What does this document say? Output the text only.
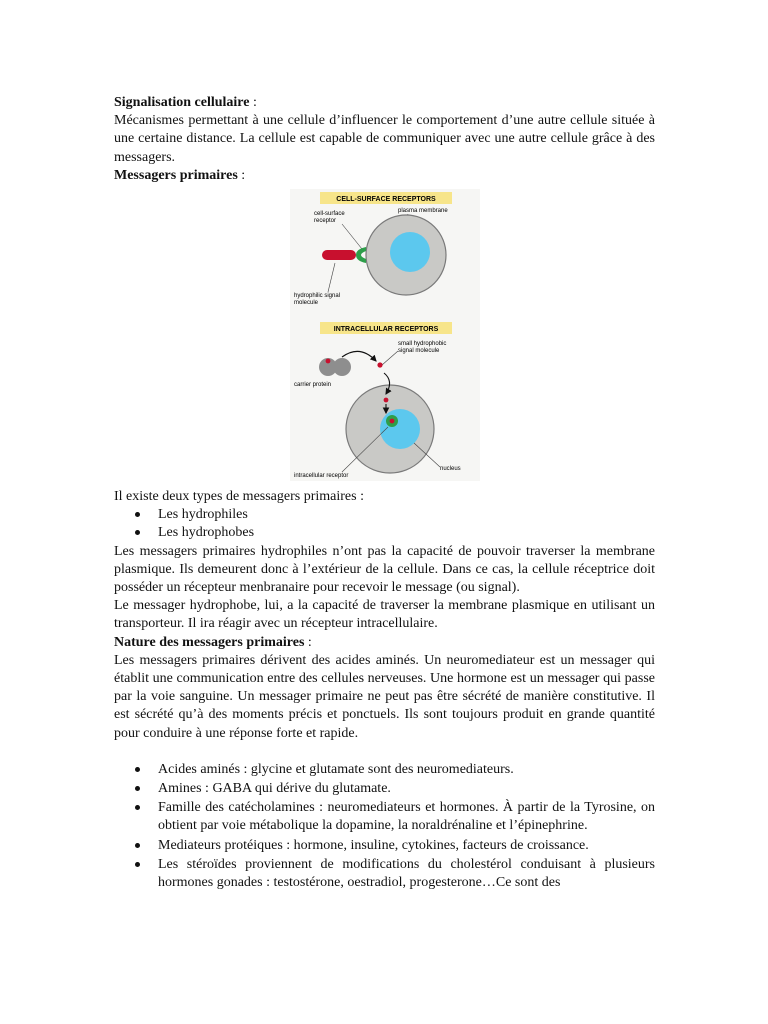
Signalisation cellulaire :

Mécanismes permettant à une cellule d’influencer le comportement d’une autre cellule située à une certaine distance. La cellule est capable de communiquer avec une autre cellule grâce à des messagers.

Messagers primaires :
CELL-SURFACE RECEPTORS
cell-surface
receptor
plasma membrane
hydrophilic signal
molecule
INTRACELLULAR RECEPTORS
small hydrophobic
signal molecule
carrier protein
intracellular receptor
nucleus

Il existe deux types de messagers primaires :

Les hydrophiles
Les hydrophobes

Les messagers primaires hydrophiles n’ont pas la capacité de pouvoir traverser la membrane plasmique. Ils demeurent donc à l’extérieur de la cellule. Dans ce cas, la cellule réceptrice doit posséder un récepteur menbranaire pour recevoir le message (ou signal).

Le messager hydrophobe, lui, a la capacité de traverser la membrane plasmique en utilisant un transporteur. Il ira réagir avec un récepteur intracellulaire.

Nature des messagers primaires :

Les messagers primaires dérivent des acides aminés. Un neuromediateur est un messager qui établit une communication entre des cellules nerveuses. Une hormone est un messager qui passe par la voie sanguine. Un messager primaire ne peut pas être sécrété de manière constitutive. Il est sécrété qu’à des moments précis et ponctuels. Ils sont toujours produit en grande quantité pour conduire à une réponse forte et rapide.

Acides aminés : glycine et glutamate sont des neuromediateurs.
Amines : GABA qui dérive du glutamate.
Famille des catécholamines : neuromediateurs et hormones. À partir de la Tyrosine, on obtient par voie métabolique la dopamine, la noraldrénaline et l’épinephrine.
Mediateurs protéiques : hormone, insuline, cytokines, facteurs de croissance.
Les stéroïdes proviennent de modifications du cholestérol conduisant à plusieurs hormones gonades : testostérone, oestradiol, progesterone…Ce sont des
